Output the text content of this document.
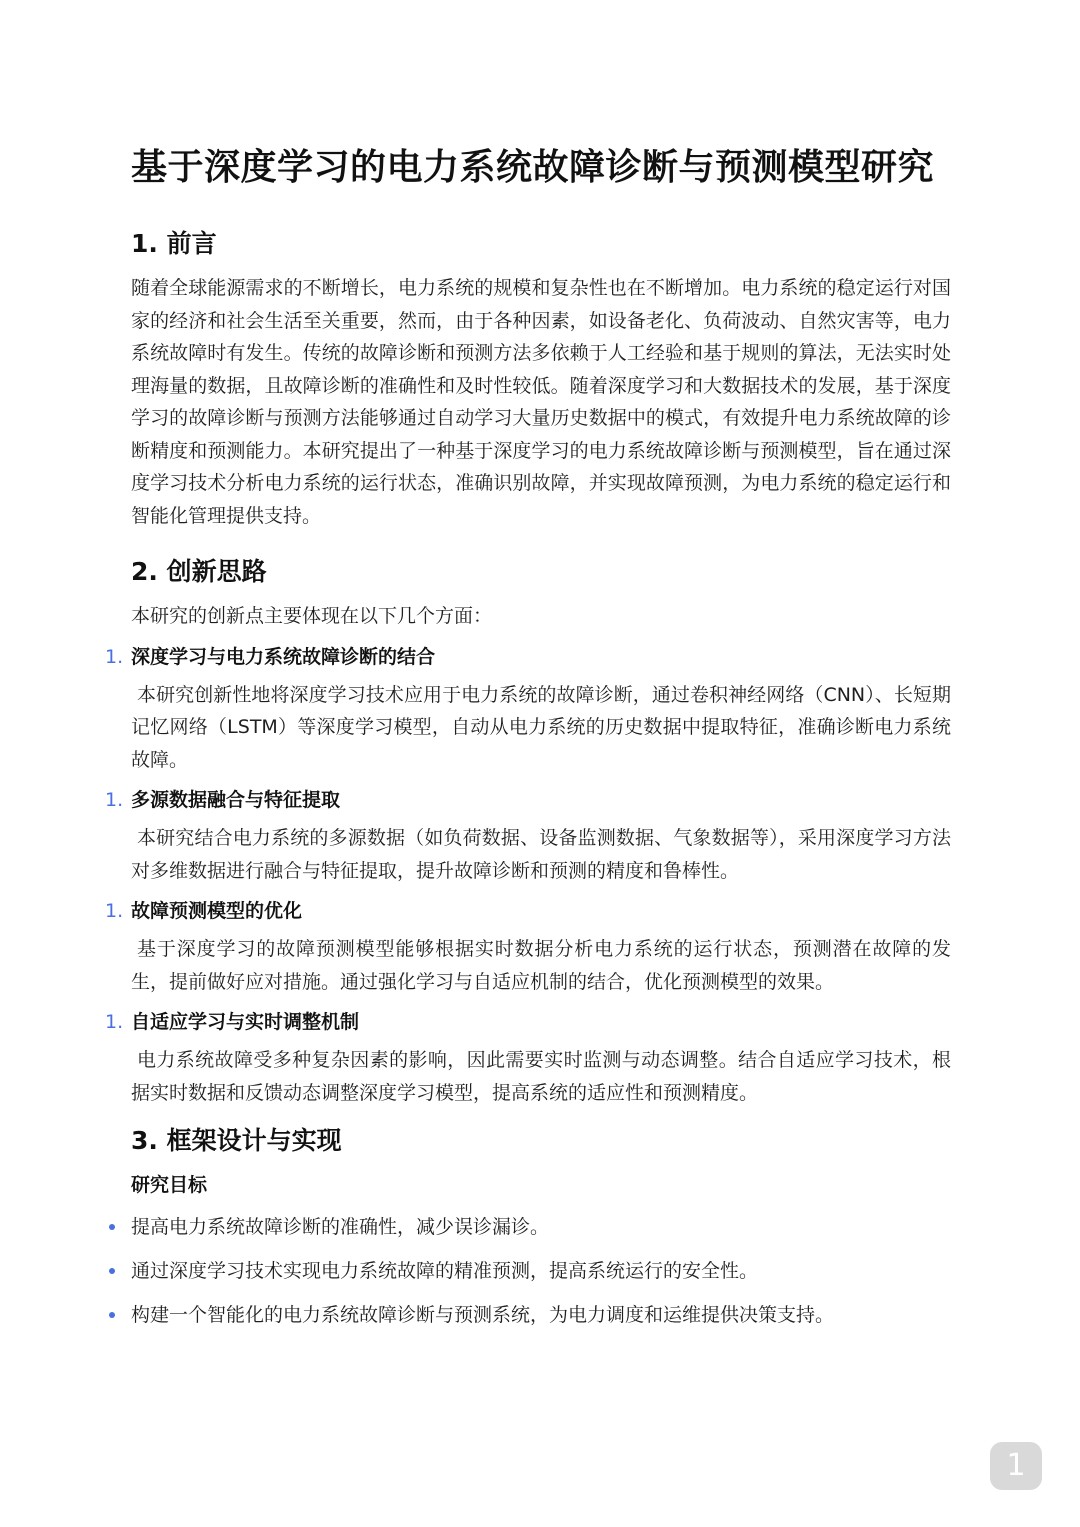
基于深度学习的电力系统故障诊断与预测模型研究
1. 前言

随着全球能源需求的不断增长，电力系统的规模和复杂性也在不断增加。电力系统的稳定运行对国家的经济和社会生活至关重要，然而，由于各种因素，如设备老化、负荷波动、自然灾害等，电力系统故障时有发生。传统的故障诊断和预测方法多依赖于人工经验和基于规则的算法，无法实时处理海量的数据，且故障诊断的准确性和及时性较低。随着深度学习和大数据技术的发展，基于深度学习的故障诊断与预测方法能够通过自动学习大量历史数据中的模式，有效提升电力系统故障的诊断精度和预测能力。本研究提出了一种基于深度学习的电力系统故障诊断与预测模型，旨在通过深度学习技术分析电力系统的运行状态，准确识别故障，并实现故障预测，为电力系统的稳定运行和智能化管理提供支持。

2. 创新思路

本研究的创新点主要体现在以下几个方面：

1. 深度学习与电力系统故障诊断的结合

本研究创新性地将深度学习技术应用于电力系统的故障诊断，通过卷积神经网络（CNN）、长短期记忆网络（LSTM）等深度学习模型，自动从电力系统的历史数据中提取特征，准确诊断电力系统故障。

1. 多源数据融合与特征提取

本研究结合电力系统的多源数据（如负荷数据、设备监测数据、气象数据等），采用深度学习方法对多维数据进行融合与特征提取，提升故障诊断和预测的精度和鲁棒性。

1. 故障预测模型的优化

基于深度学习的故障预测模型能够根据实时数据分析电力系统的运行状态，预测潜在故障的发生，提前做好应对措施。通过强化学习与自适应机制的结合，优化预测模型的效果。

1. 自适应学习与实时调整机制

电力系统故障受多种复杂因素的影响，因此需要实时监测与动态调整。结合自适应学习技术，根据实时数据和反馈动态调整深度学习模型，提高系统的适应性和预测精度。

3. 框架设计与实现
研究目标
提高电力系统故障诊断的准确性，减少误诊漏诊。
通过深度学习技术实现电力系统故障的精准预测，提高系统运行的安全性。
构建一个智能化的电力系统故障诊断与预测系统，为电力调度和运维提供决策支持。
1
